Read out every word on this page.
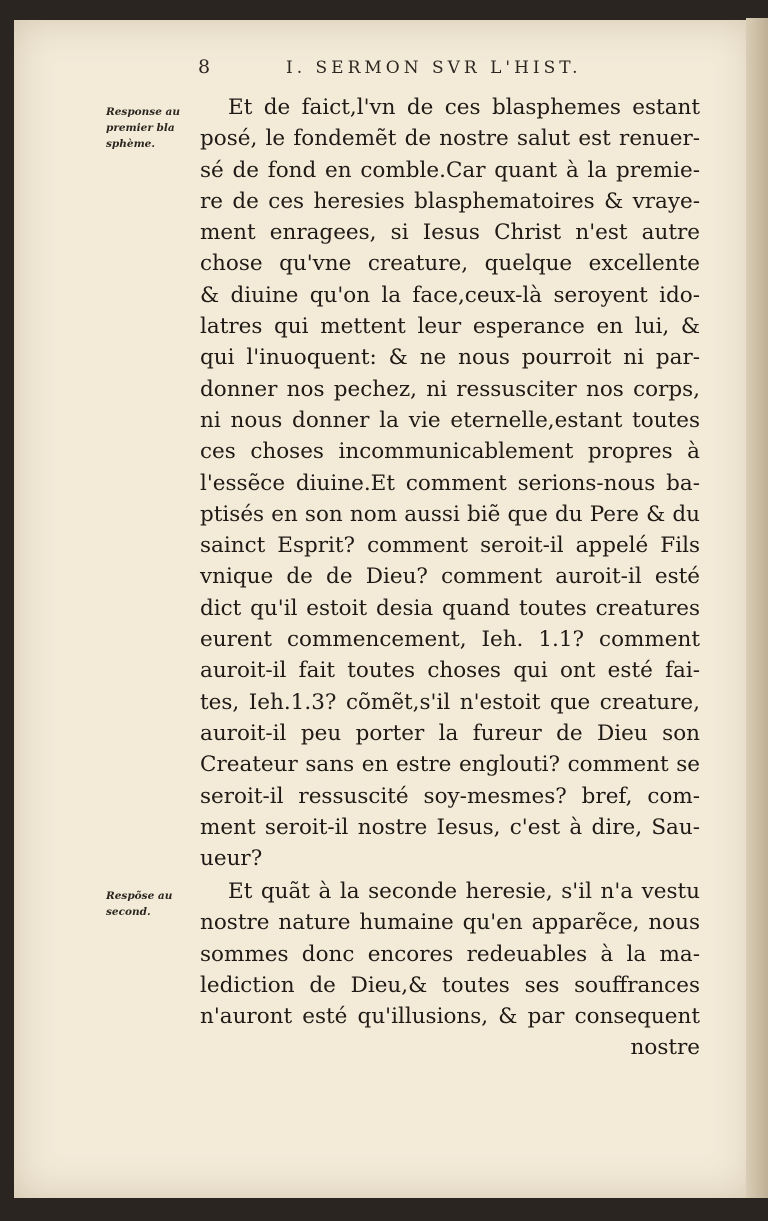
8	I. SERMON SVR L'HIST.
Response au premier bla sphème.
Respõse au second.
Et de faict,l'vn de ces blasphemes estant
posé, le fondemẽt de nostre salut est renuer-
sé de fond en comble.Car quant à la premie-
re de ces heresies blasphematoires & vraye-
ment enragees, si Iesus Christ n'est autre
chose qu'vne creature, quelque excellente
& diuine qu'on la face,ceux-là seroyent ido-
latres qui mettent leur esperance en lui, &
qui l'inuoquent: & ne nous pourroit ni par-
donner nos pechez, ni ressusciter nos corps,
ni nous donner la vie eternelle,estant toutes
ces choses incommunicablement propres à
l'essẽce diuine.Et comment serions-nous ba-
ptisés en son nom aussi biẽ que du Pere & du
sainct Esprit? comment seroit-il appelé Fils
vnique de de Dieu? comment auroit-il esté
dict qu'il estoit desia quand toutes creatures
eurent commencement, Ieh. 1.1? comment
auroit-il fait toutes choses qui ont esté fai-
tes, Ieh.1.3? cõmẽt,s'il n'estoit que creature,
auroit-il peu porter la fureur de Dieu son
Createur sans en estre englouti? comment se
seroit-il ressuscité soy-mesmes? bref, com-
ment seroit-il nostre Iesus, c'est à dire, Sau-
ueur?
Et quãt à la seconde heresie, s'il n'a vestu
nostre nature humaine qu'en apparẽce, nous
sommes donc encores redeuables à la ma-
lediction de Dieu,& toutes ses souffrances
n'auront esté qu'illusions, & par consequent
nostre
